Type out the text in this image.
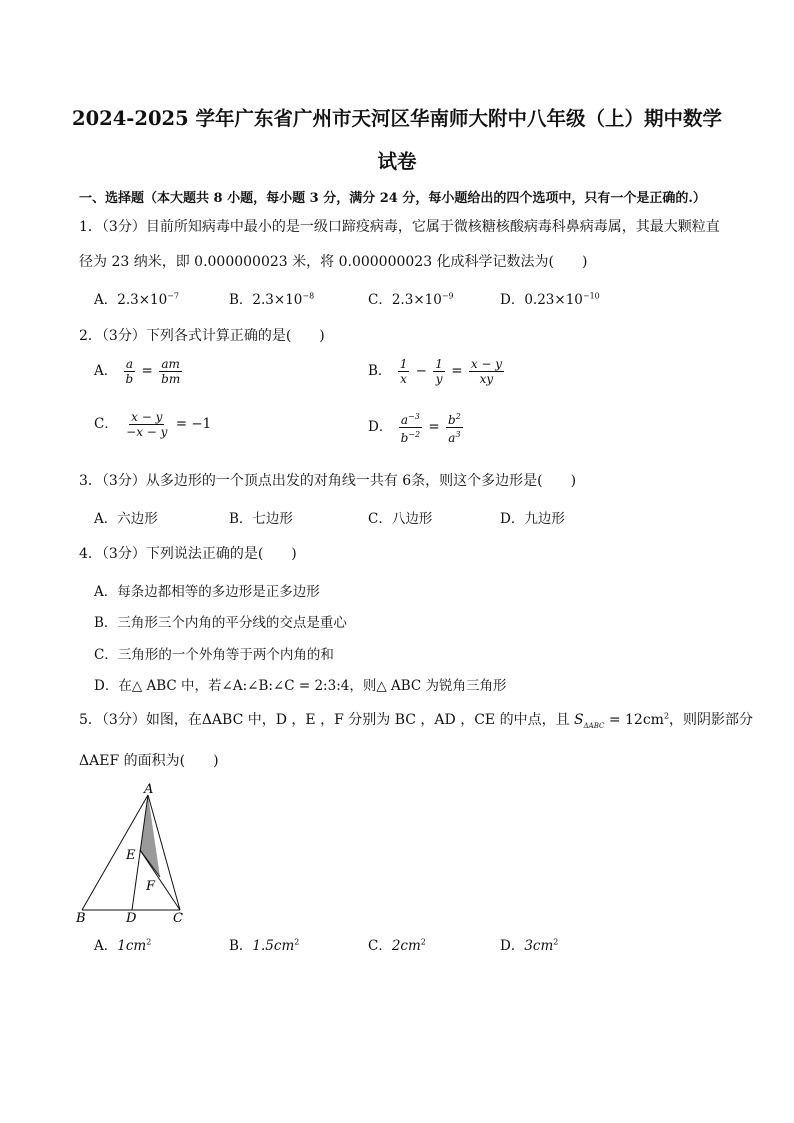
2024-2025 学年广东省广州市天河区华南师大附中八年级（上）期中数学
试卷
一、选择题（本大题共 8 小题，每小题 3 分，满分 24 分，每小题给出的四个选项中，只有一个是正确的.）
1．（3分）目前所知病毒中最小的是一级口蹄疫病毒，它属于微核糖核酸病毒科鼻病毒属，其最大颗粒直
径为 23 纳米，即 0.000000023 米，将 0.000000023 化成科学记数法为(　　)
A．$2.3\times 10^{-7}$	B．$2.3\times 10^{-8}$	C．$2.3\times 10^{-9}$	D．$0.23\times 10^{-10}$
2．（3分）下列各式计算正确的是(　　)
A． $\frac{a}{b} = \frac{am}{bm}$	B． $\frac{1}{x} - \frac{1}{y} = \frac{x - y}{xy}$
C． $\frac{x - y}{-x - y} = -1$	D． $\frac{a^{-3}}{b^{-2}} = \frac{b^2}{a^3}$
3．（3分）从多边形的一个顶点出发的对角线一共有 6条，则这个多边形是(　　)
A．六边形	B．七边形	C．八边形	D．九边形
4．（3分）下列说法正确的是(　　)
A．每条边都相等的多边形是正多边形
B．三角形三个内角的平分线的交点是重心
C．三角形的一个外角等于两个内角的和
D．在△ ABC 中，若∠A:∠B:∠C = 2:3:4，则△ ABC 为锐角三角形
5．（3分）如图，在ΔABC 中，D ，E ，F 分别为 BC ，AD ，CE 的中点，且 $S_{\Delta ABC} = 12cm^2$，则阴影部分
ΔAEF 的面积为(　　)
A
B	C
D
E
F
A．$1cm^2$	B．$1.5cm^2$	C．$2cm^2$	D．$3cm^2$
